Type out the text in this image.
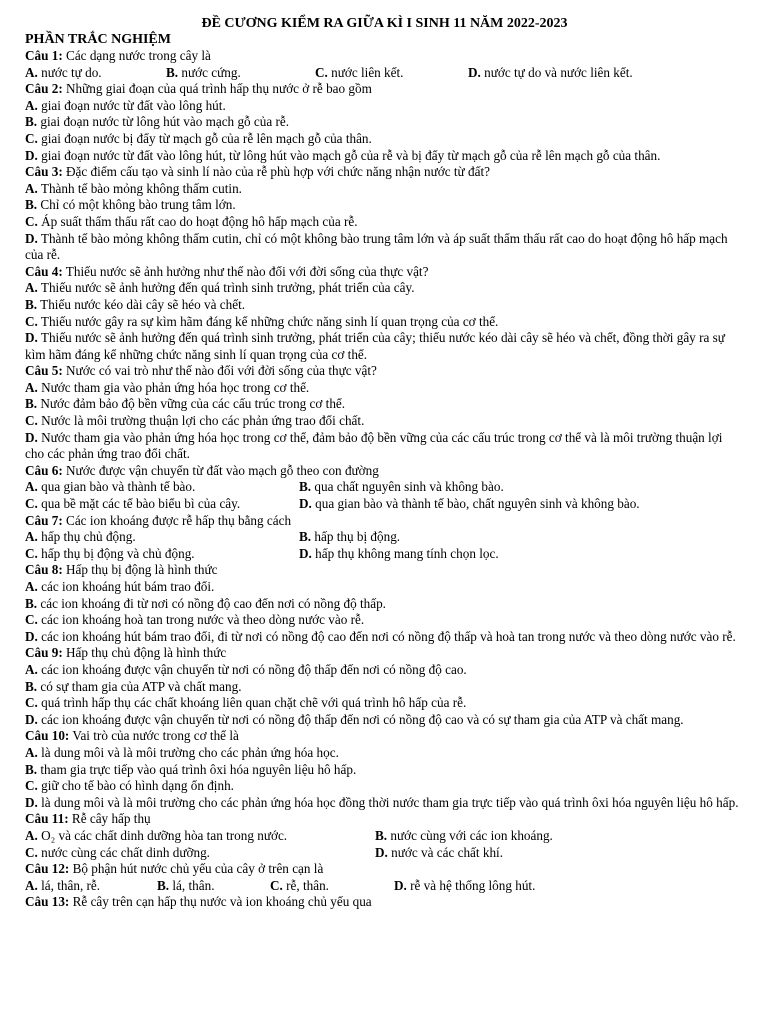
ĐỀ CƯƠNG KIỂM RA GIỮA KÌ I SINH 11 NĂM 2022-2023
PHẦN TRẮC NGHIỆM
Câu 1: Các dạng nước trong cây là
A. nước tự do.	B. nước cứng.	C. nước liên kết.	D. nước tự do và nước liên kết.
Câu 2: Những giai đoạn của quá trình hấp thụ nước ở rễ bao gồm
A. giai đoạn nước từ đất vào lông hút.
B. giai đoạn nước từ lông hút vào mạch gỗ của rễ.
C. giai đoạn nước bị đẩy từ mạch gỗ của rễ lên mạch gỗ của thân.
D. giai đoạn nước từ đất vào lông hút, từ lông hút vào mạch gỗ của rễ và bị đẩy từ mạch gỗ của rễ lên mạch gỗ của thân.
Câu 3: Đặc điểm cấu tạo và sinh lí nào của rễ phù hợp với chức năng nhận nước từ đất?
A. Thành tế bào mỏng không thấm cutin.
B. Chỉ có một không bào trung tâm lớn.
C. Áp suất thẩm thấu rất cao do hoạt động hô hấp mạch của rễ.
D. Thành tế bào mỏng không thấm cutin, chỉ có một không bào trung tâm lớn và áp suất thẩm thấu rất cao do hoạt động hô hấp mạch của rễ.
Câu 4: Thiếu nước sẽ ảnh hưởng như thế nào đối với đời sống của thực vật?
A. Thiếu nước sẽ ảnh hưởng đến quá trình sinh trưởng, phát triển của cây.
B. Thiếu nước kéo dài cây sẽ héo và chết.
C. Thiếu nước gây ra sự kìm hãm đáng kể những chức năng sinh lí quan trọng của cơ thể.
D. Thiếu nước sẽ ảnh hưởng đến quá trình sinh trưởng, phát triển của cây; thiếu nước kéo dài cây sẽ héo và chết, đồng thời gây ra sự kìm hãm đáng kể những chức năng sinh lí quan trọng của cơ thể.
Câu 5: Nước có vai trò như thế nào đối với đời sống của thực vật?
A. Nước tham gia vào phản ứng hóa học trong cơ thể.
B. Nước đảm bảo độ bền vững của các cấu trúc trong cơ thể.
C. Nước là môi trường thuận lợi cho các phản ứng trao đổi chất.
D. Nước tham gia vào phản ứng hóa học trong cơ thể, đảm bảo độ bền vững của các cấu trúc trong cơ thể và là môi trường thuận lợi cho các phản ứng trao đổi chất.
Câu 6: Nước được vận chuyển từ đất vào mạch gỗ theo con đường
A. qua gian bào và thành tế bào.	B. qua chất nguyên sinh và không bào.
C. qua bề mặt các tế bào biểu bì của cây.	D. qua gian bào và thành tế bào, chất nguyên sinh và không bào.
Câu 7: Các ion khoáng được rễ hấp thụ bằng cách
A. hấp thụ chủ động.	B. hấp thụ bị động.
C. hấp thụ bị động và chủ động.	D. hấp thụ không mang tính chọn lọc.
Câu 8: Hấp thụ bị động là hình thức
A. các ion khoáng hút bám trao đổi.
B. các ion khoáng đi từ nơi có nồng độ cao đến nơi có nồng độ thấp.
C. các ion khoáng hoà tan trong nước và theo dòng nước vào rễ.
D. các ion khoáng hút bám trao đổi, đi từ nơi có nồng độ cao đến nơi có nồng độ thấp và hoà tan trong nước và theo dòng nước vào rễ.
Câu 9: Hấp thụ chủ động là hình thức
A. các ion khoáng được vận chuyển từ nơi có nồng độ thấp đến nơi có nồng độ cao.
B. có sự tham gia của ATP và chất mang.
C. quá trình hấp thụ các chất khoáng liên quan chặt chẽ với quá trình hô hấp của rễ.
D. các ion khoáng được vận chuyển từ nơi có nồng độ thấp đến nơi có nồng độ cao và có sự tham gia của ATP và chất mang.
Câu 10: Vai trò của nước trong cơ thể là
A. là dung môi và là môi trường cho các phản ứng hóa học.
B. tham gia trực tiếp vào quá trình ôxi hóa nguyên liệu hô hấp.
C. giữ cho tế bào có hình dạng ổn định.
D. là dung môi và là môi trường cho các phản ứng hóa học đồng thời nước tham gia trực tiếp vào quá trình ôxi hóa nguyên liệu hô hấp.
Câu 11: Rễ cây hấp thụ
A. O₂ và các chất dinh dưỡng hòa tan trong nước.	B. nước cùng với các ion khoáng.
C. nước cùng các chất dinh dưỡng.	D. nước và các chất khí.
Câu 12: Bộ phận hút nước chủ yếu của cây ở trên cạn là
A. lá, thân, rễ.	B. lá, thân.	C. rễ, thân.	D. rễ và hệ thống lông hút.
Câu 13: Rễ cây trên cạn hấp thụ nước và ion khoáng chủ yếu qua
